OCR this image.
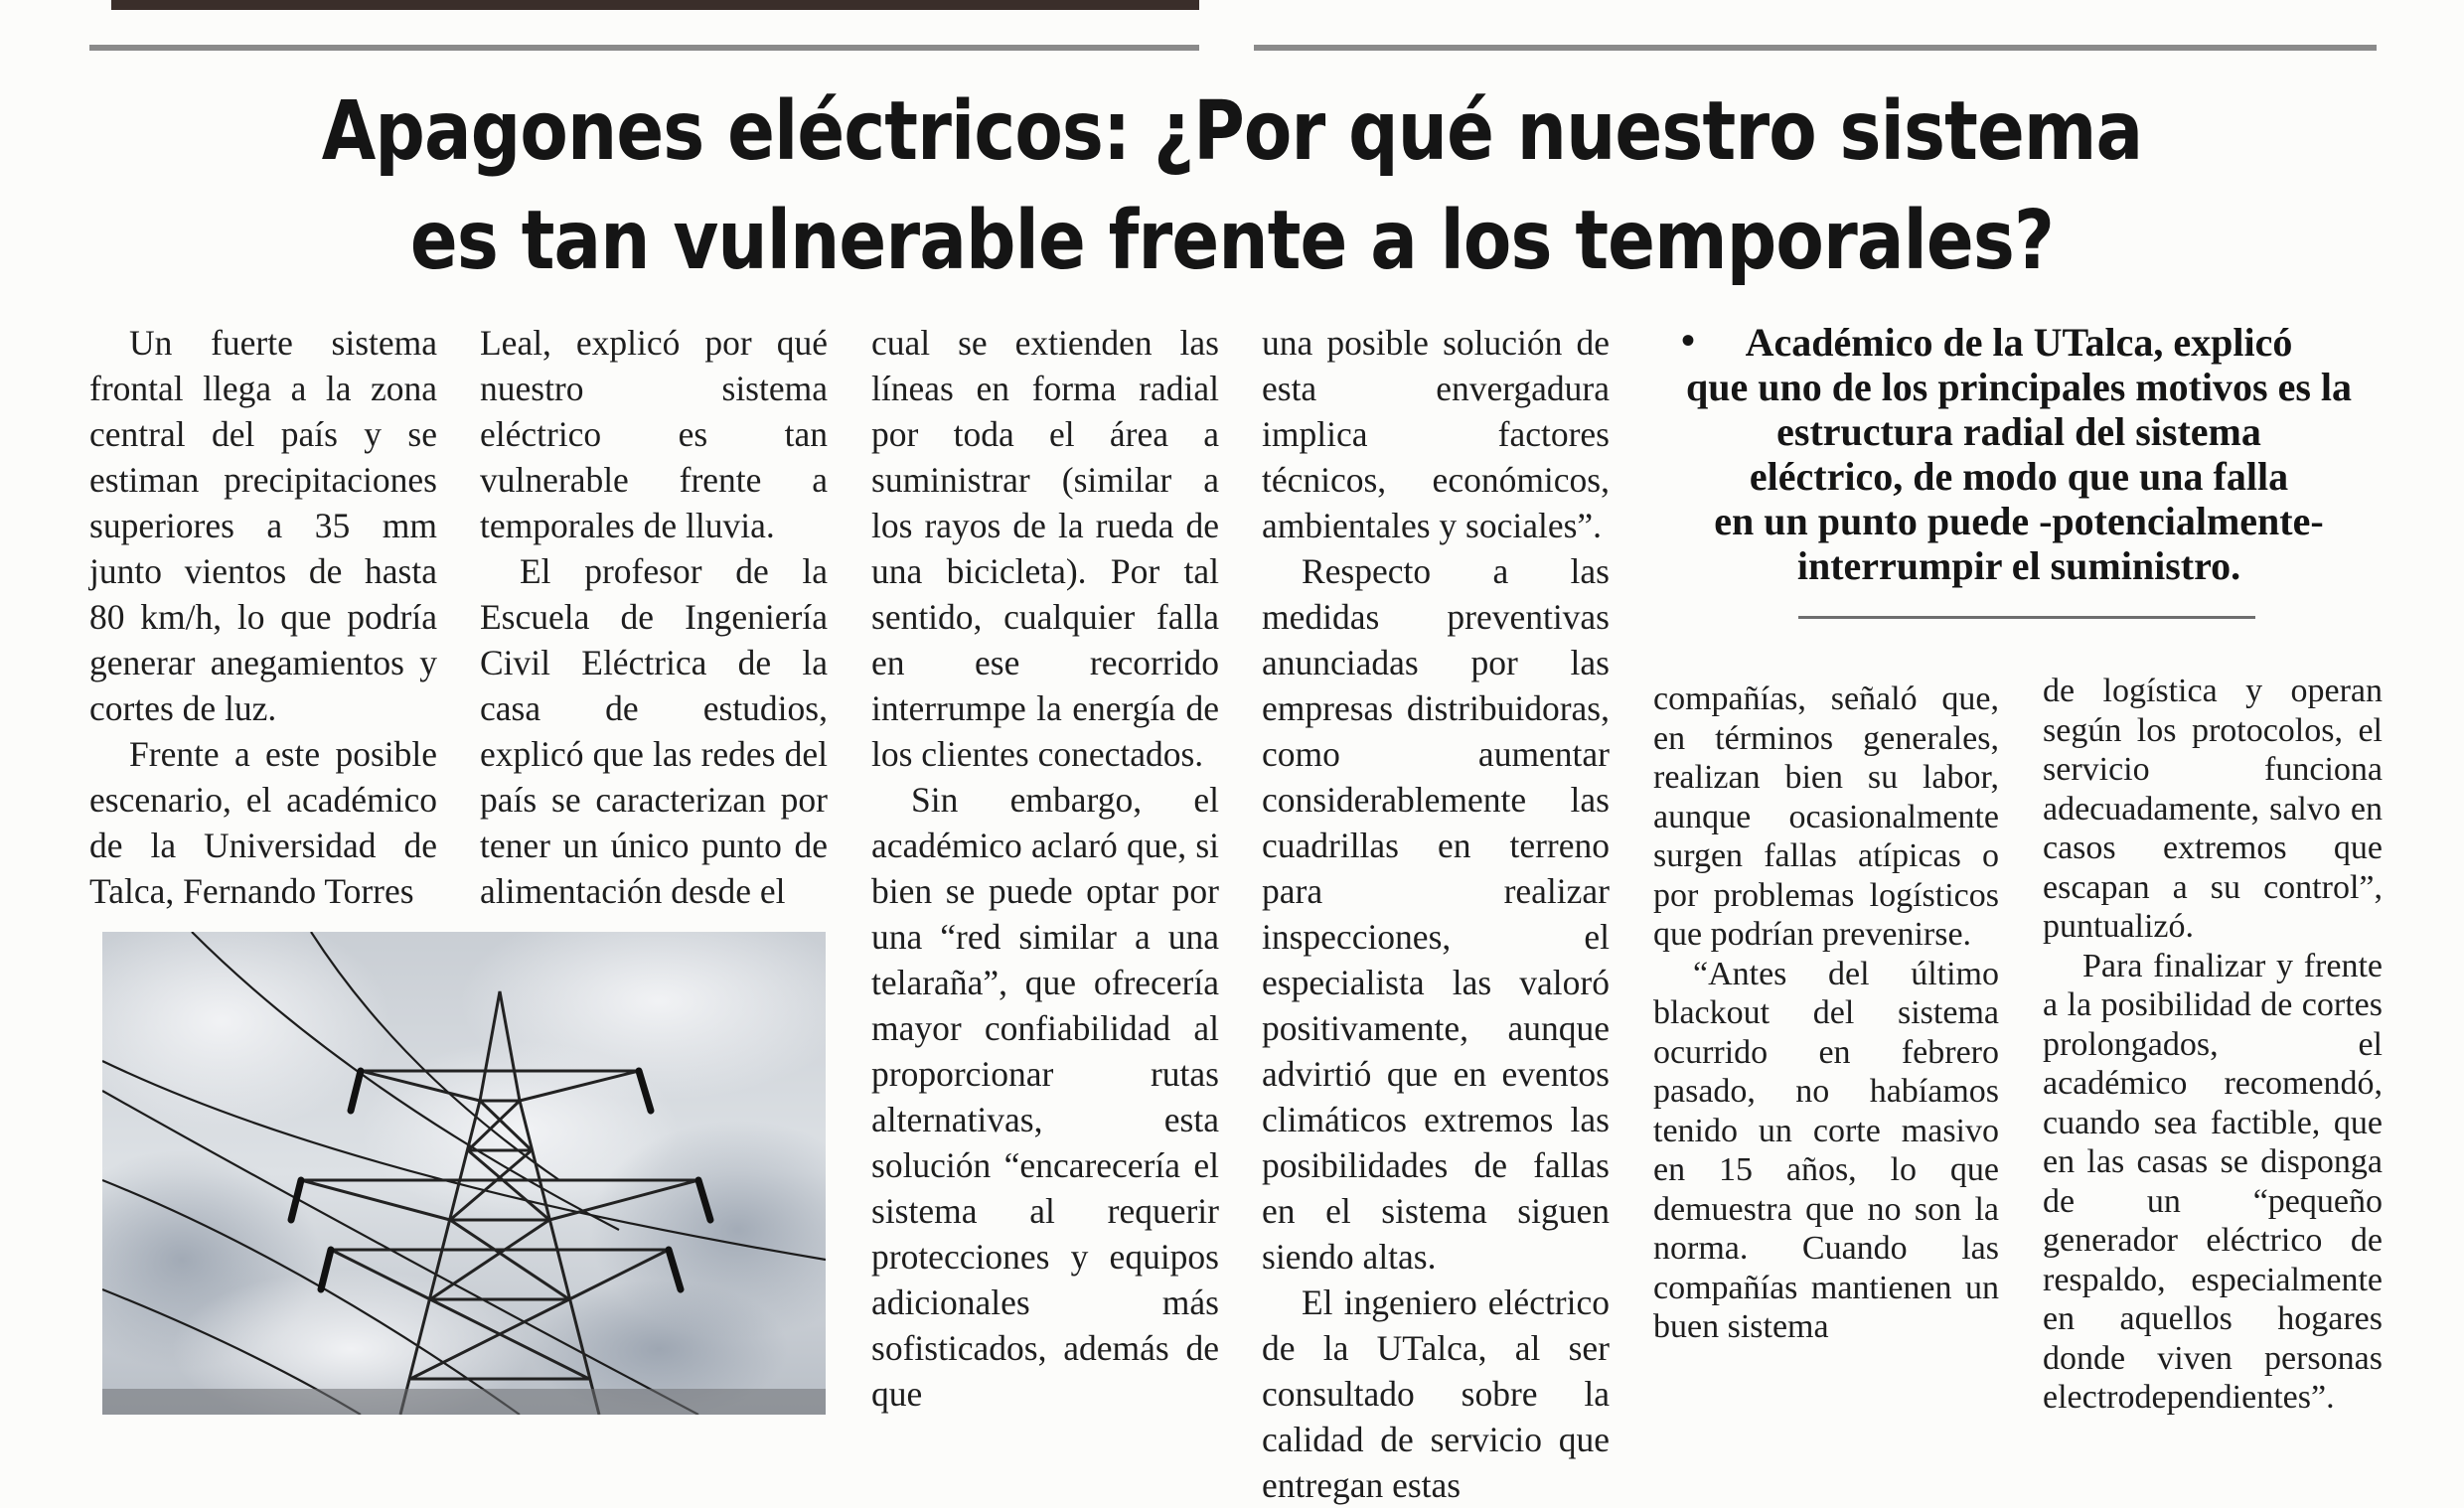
Apagones eléctricos: ¿Por qué nuestro sistema
es tan vulnerable frente a los temporales?

Un fuerte sistema frontal llega a la zona central del país y se estiman precipitaciones superiores a 35 mm junto vientos de hasta 80 km/h, lo que podría generar anegamientos y cortes de luz.

Frente a este posible escenario, el académico de la Universidad de Talca, Fernando Torres

Leal, explicó por qué nuestro sistema eléctrico es tan vulnerable frente a temporales de lluvia.

El profesor de la Escuela de Ingeniería Civil Eléctrica de la casa de estudios, explicó que las redes del país se caracterizan por tener un único punto de alimentación desde el

cual se extienden las líneas en forma radial por toda el área a suministrar (similar a los rayos de la rueda de una bicicleta). Por tal sentido, cualquier falla en ese recorrido interrumpe la energía de los clientes conectados.

Sin embargo, el académico aclaró que, si bien se puede optar por una “red similar a una telaraña”, que ofrecería mayor confiabilidad al proporcionar rutas alternativas, esta solución “encarecería el sistema al requerir protecciones y equipos adicionales más sofisticados, además de que

una posible solución de esta envergadura implica factores técnicos, económicos, ambientales y sociales”.

Respecto a las medidas preventivas anunciadas por las empresas distribuidoras, como aumentar considerablemente las cuadrillas en terreno para realizar inspecciones, el especialista las valoró positivamente, aunque advirtió que en eventos climáticos extremos las posibilidades de fallas en el sistema siguen siendo altas.

El ingeniero eléctrico de la UTalca, al ser consultado sobre la calidad de servicio que entregan estas

compañías, señaló que, en términos generales, realizan bien su labor, aunque ocasionalmente surgen fallas atípicas o por problemas logísticos que podrían prevenirse.

“Antes del último blackout del sistema ocurrido en febrero pasado, no habíamos tenido un corte masivo en 15 años, lo que demuestra que no son la norma. Cuando las compañías mantienen un buen sistema

de logística y operan según los protocolos, el servicio funciona adecuadamente, salvo en casos extremos que escapan a su control”, puntualizó.

Para finalizar y frente a la posibilidad de cortes prolongados, el académico recomendó, cuando sea factible, que en las casas se disponga de un “pequeño generador eléctrico de respaldo, especialmente en aquellos hogares donde viven personas electrodependientes”.

•	Académico de la UTalca, explicó
que uno de los principales motivos es la
estructura radial del sistema
eléctrico, de modo que una falla
en un punto puede -potencialmente-
interrumpir el suministro.
